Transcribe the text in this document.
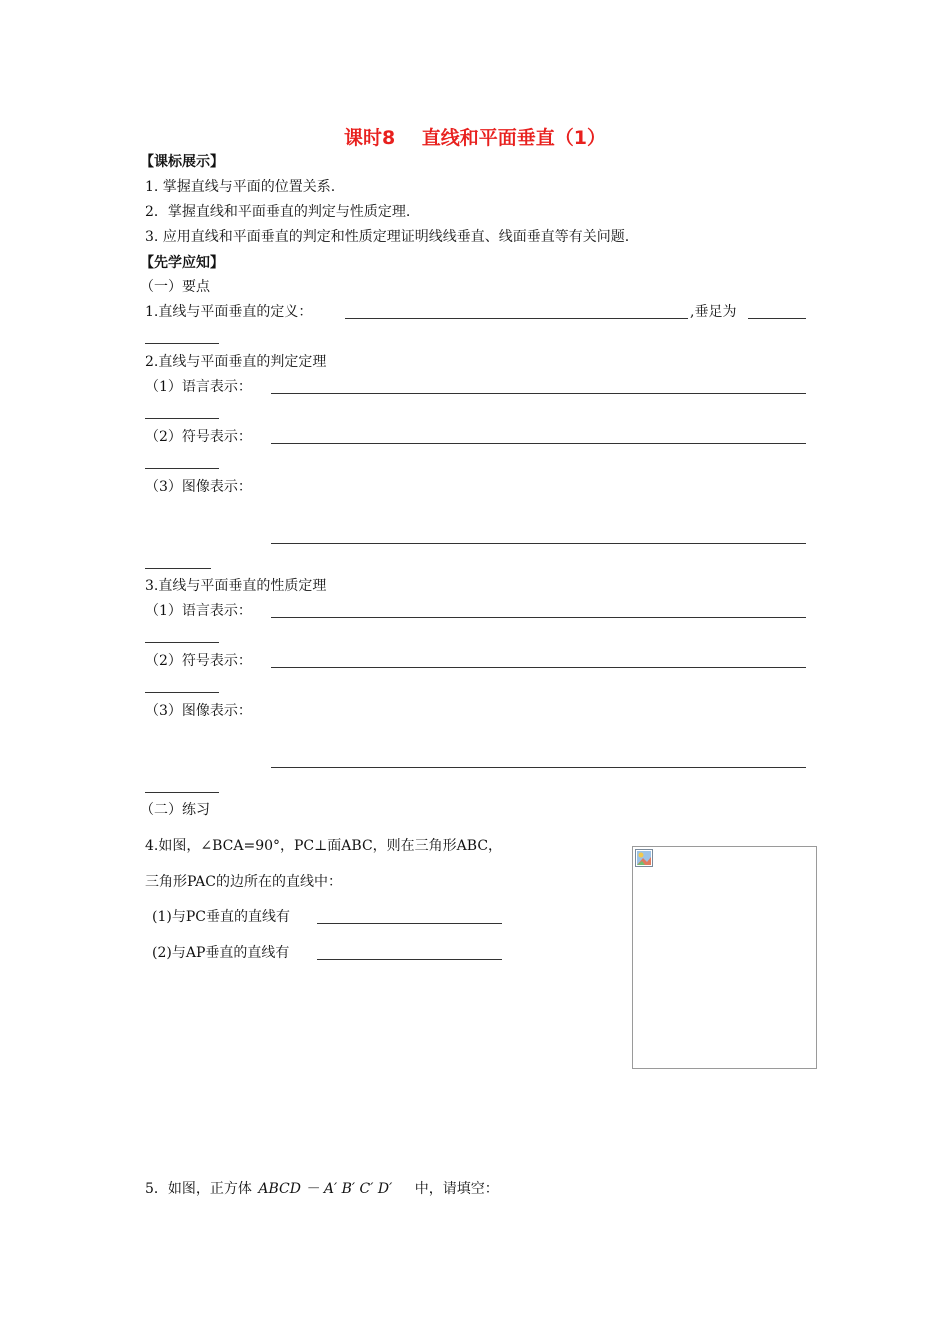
课时8    直线和平面垂直（1）
【课标展示】
1. 掌握直线与平面的位置关系.
2．掌握直线和平面垂直的判定与性质定理.
3. 应用直线和平面垂直的判定和性质定理证明线线垂直、线面垂直等有关问题.
【先学应知】
（一）要点
1.直线与平面垂直的定义：	,垂足为
2.直线与平面垂直的判定定理
（1）语言表示：
（2）符号表示：
（3）图像表示：
3.直线与平面垂直的性质定理
（1）语言表示：
（2）符号表示：
（3）图像表示：
（二）练习
4.如图，∠BCA=90°，PC⊥面ABC，则在三角形ABC，
三角形PAC的边所在的直线中：
(1)与PC垂直的直线有
(2)与AP垂直的直线有
5．如图，正方体 ABCD － A′ B′ C′ D′ 中，请填空：
